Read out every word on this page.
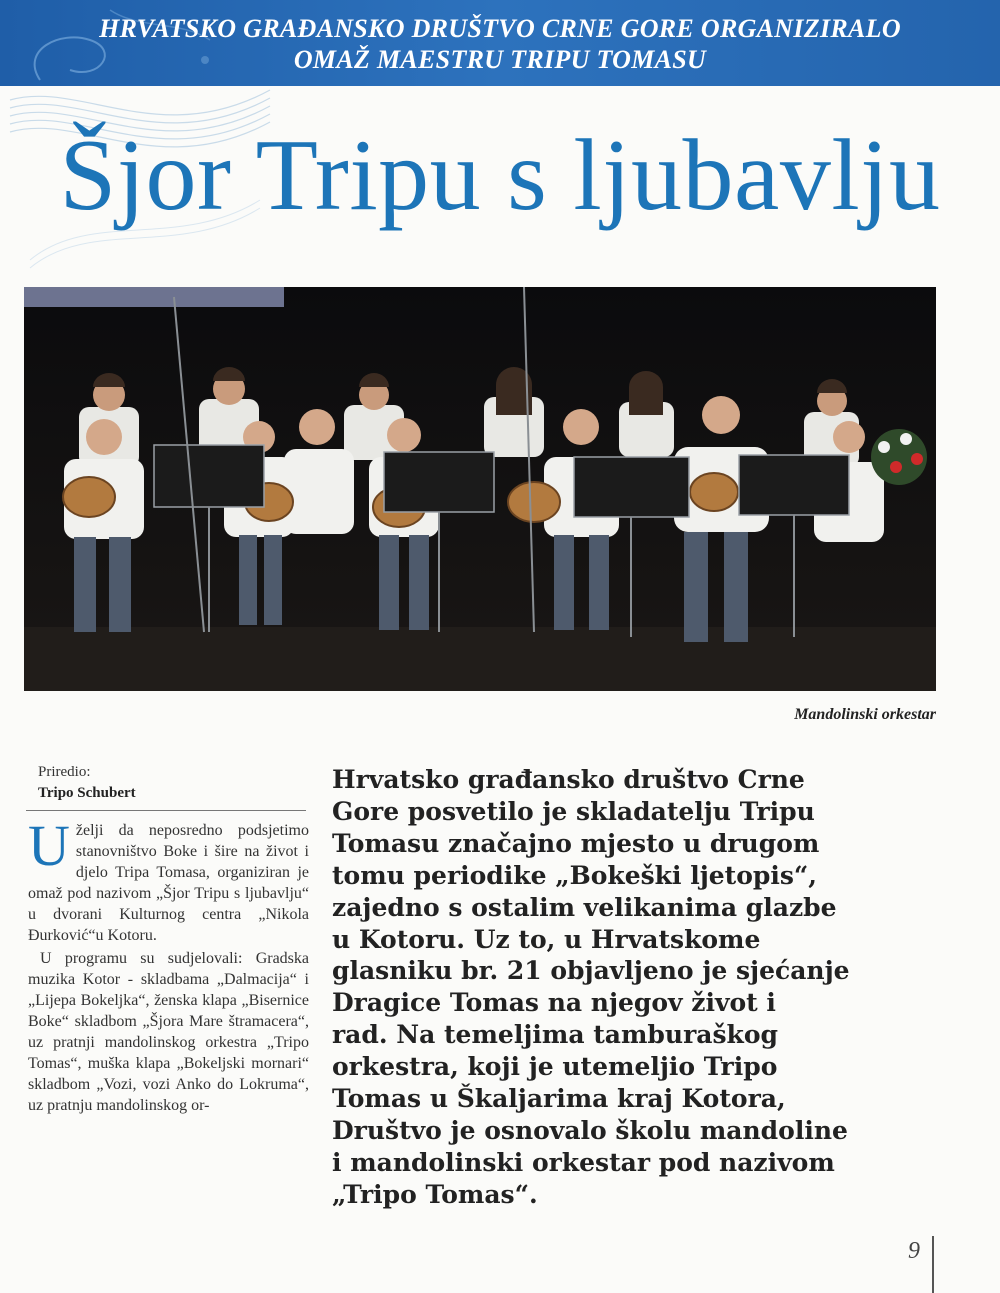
HRVATSKO GRAĐANSKO DRUŠTVO CRNE GORE ORGANIZIRALO
OMAŽ MAESTRU TRIPU TOMASU
Šjor Tripu s ljubavlju
Mandolinski orkestar
Priredio:
Tripo Schubert

Uželji da neposredno podsjetimo stanovništvo Boke i šire na život i djelo Tripa Tomasa, organiziran je omaž pod nazivom „Šjor Tripu s ljubavlju“ u dvorani Kulturnog centra „Nikola Đurković“u Kotoru.

U programu su sudjelovali: Gradska muzika Kotor - skladbama „Dalmacija“ i „Lijepa Bokeljka“, ženska klapa „Bisernice Boke“ skladbom „Šjora Mare štramacera“, uz pratnji mandolinskog orkestra „Tripo Tomas“, muška klapa „Bokeljski mornari“ skladbom „Vozi, vozi Anko do Lokruma“, uz pratnju mandolinskog or-

Hrvatsko građansko društvo Crne
Gore posvetilo je skladatelju Tripu
Tomasu značajno mjesto u drugom
tomu periodike „Bokeški ljetopis“,
zajedno s ostalim velikanima glazbe
u Kotoru. Uz to, u Hrvatskome
glasniku br. 21 objavljeno je sjećanje
Dragice Tomas na njegov život i
rad. Na temeljima tamburaškog
orkestra, koji je utemeljio Tripo
Tomas u Škaljarima kraj Kotora,
Društvo je osnovalo školu mandoline
i mandolinski orkestar pod nazivom
„Tripo Tomas“.
9
